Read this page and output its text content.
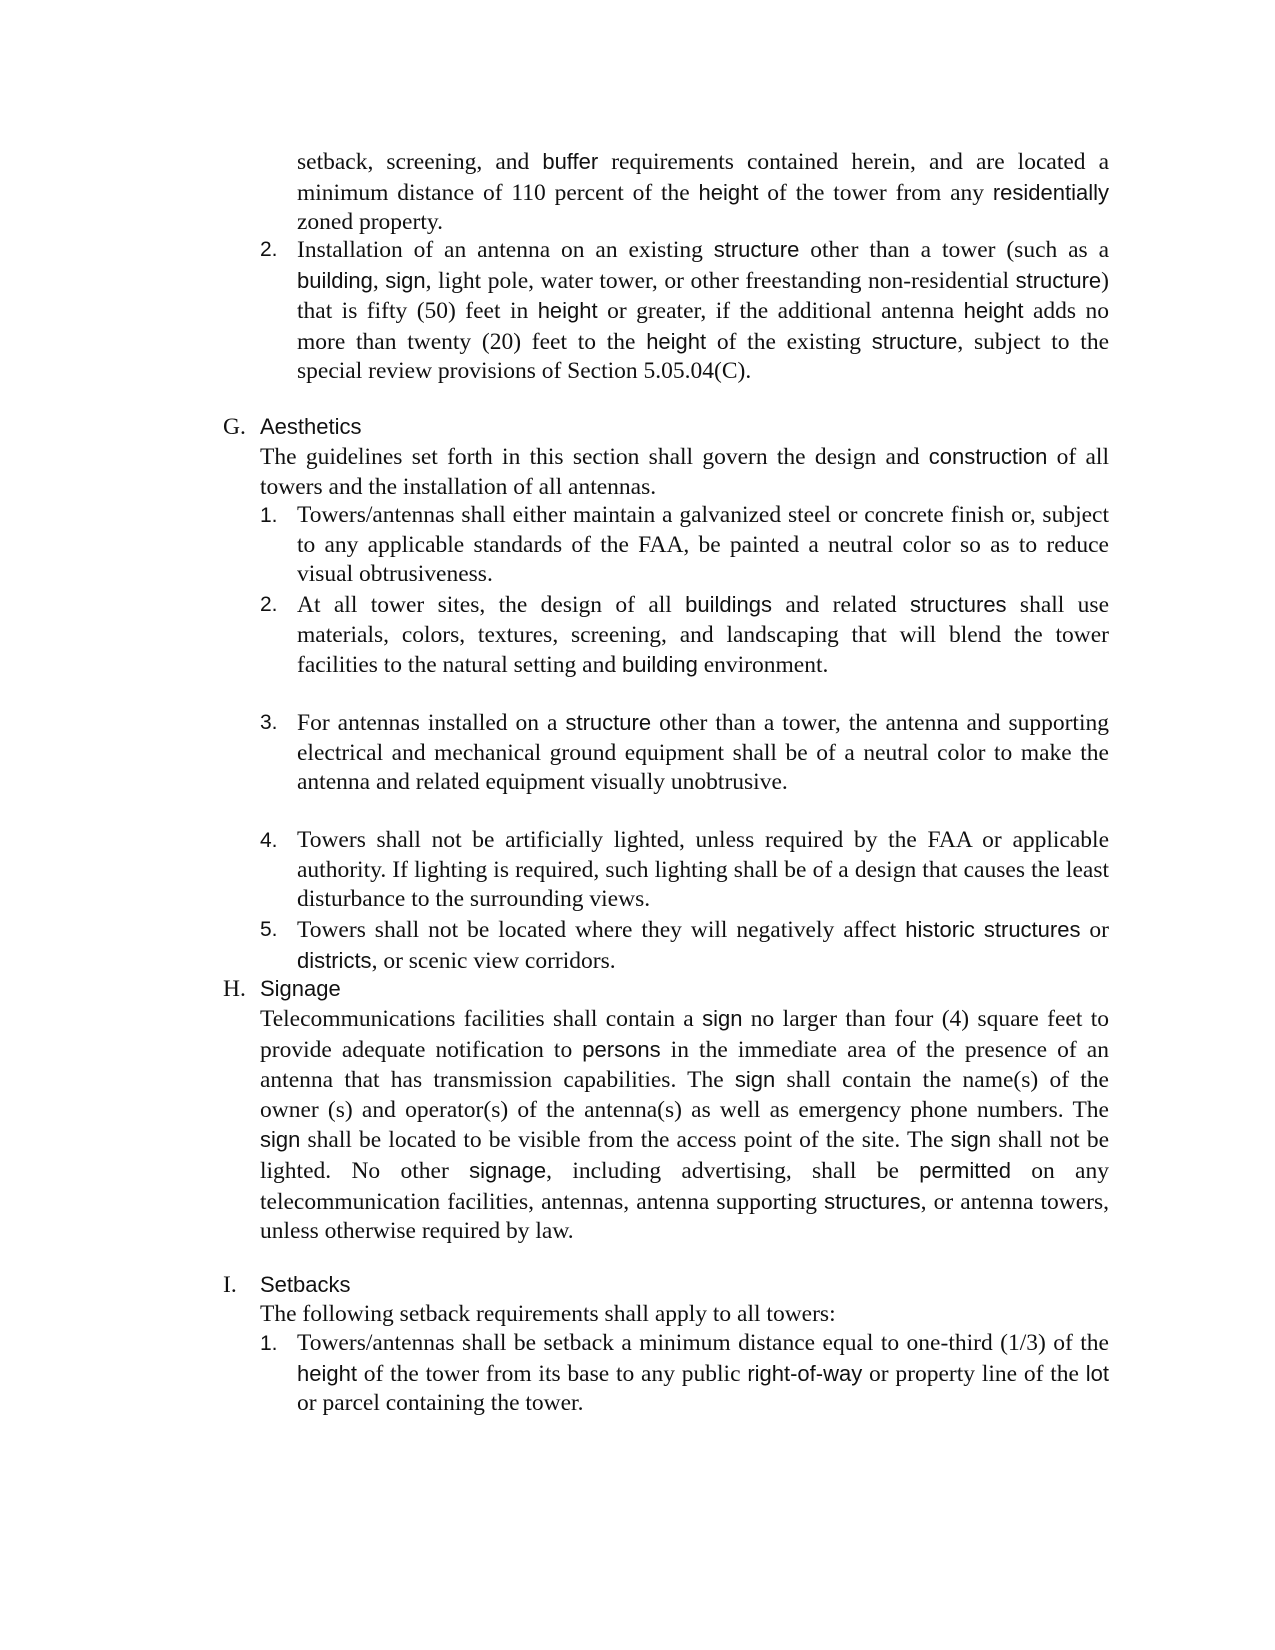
setback, screening, and buffer requirements contained herein, and are located a minimum distance of 110 percent of the height of the tower from any residentially zoned property.
2. Installation of an antenna on an existing structure other than a tower (such as a building, sign, light pole, water tower, or other freestanding non-residential structure) that is fifty (50) feet in height or greater, if the additional antenna height adds no more than twenty (20) feet to the height of the existing structure, subject to the special review provisions of Section 5.05.04(C).
G. Aesthetics
The guidelines set forth in this section shall govern the design and construction of all towers and the installation of all antennas.
1. Towers/antennas shall either maintain a galvanized steel or concrete finish or, subject to any applicable standards of the FAA, be painted a neutral color so as to reduce visual obtrusiveness.
2. At all tower sites, the design of all buildings and related structures shall use materials, colors, textures, screening, and landscaping that will blend the tower facilities to the natural setting and building environment.
3. For antennas installed on a structure other than a tower, the antenna and supporting electrical and mechanical ground equipment shall be of a neutral color to make the antenna and related equipment visually unobtrusive.
4. Towers shall not be artificially lighted, unless required by the FAA or applicable authority. If lighting is required, such lighting shall be of a design that causes the least disturbance to the surrounding views.
5. Towers shall not be located where they will negatively affect historic structures or districts, or scenic view corridors.
H. Signage
Telecommunications facilities shall contain a sign no larger than four (4) square feet to provide adequate notification to persons in the immediate area of the presence of an antenna that has transmission capabilities. The sign shall contain the name(s) of the owner (s) and operator(s) of the antenna(s) as well as emergency phone numbers. The sign shall be located to be visible from the access point of the site. The sign shall not be lighted. No other signage, including advertising, shall be permitted on any telecommunication facilities, antennas, antenna supporting structures, or antenna towers, unless otherwise required by law.
I. Setbacks
The following setback requirements shall apply to all towers:
1. Towers/antennas shall be setback a minimum distance equal to one-third (1/3) of the height of the tower from its base to any public right-of-way or property line of the lot or parcel containing the tower.
